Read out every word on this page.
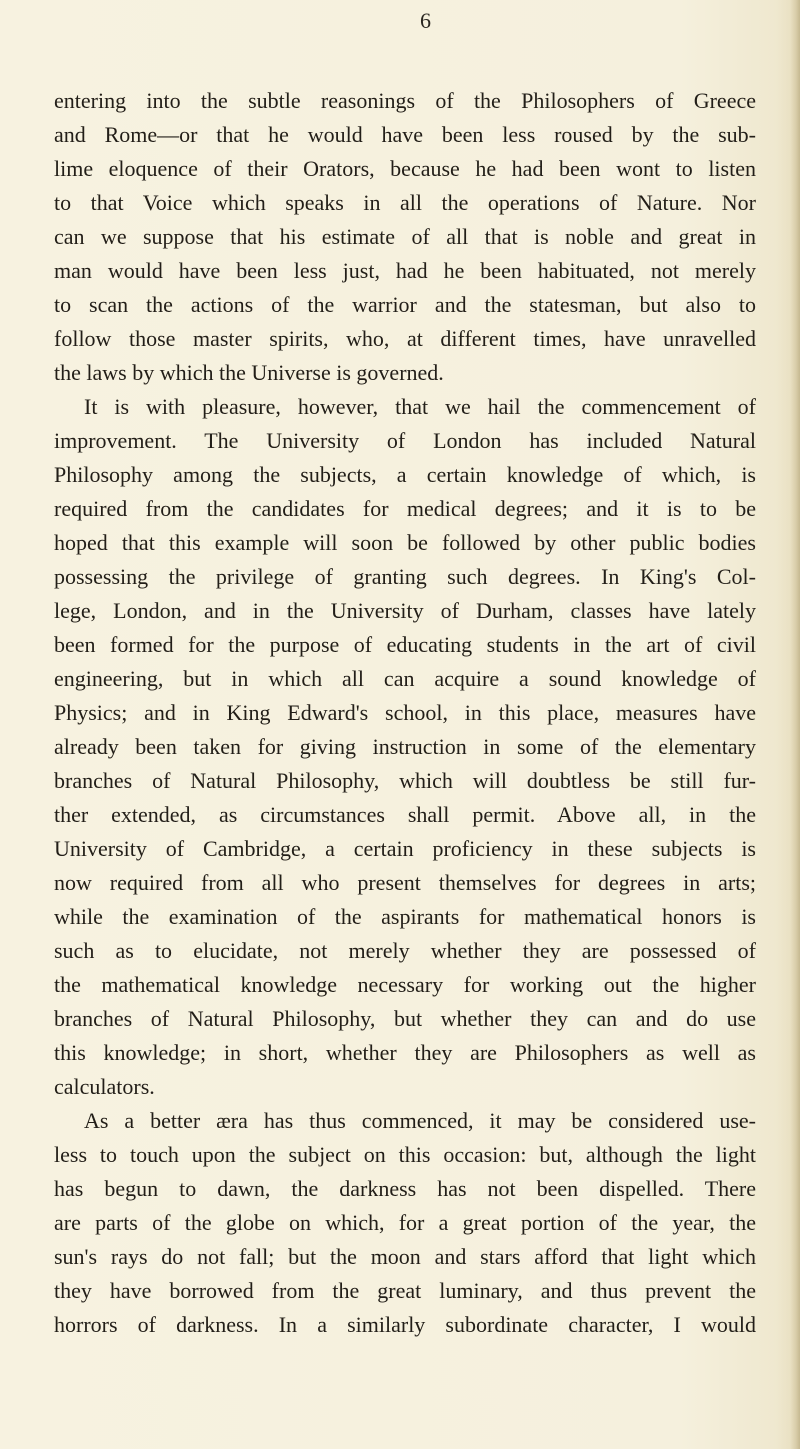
6
entering into the subtle reasonings of the Philosophers of Greece
and Rome—or that he would have been less roused by the sub-
lime eloquence of their Orators, because he had been wont to listen
to that Voice which speaks in all the operations of Nature. Nor
can we suppose that his estimate of all that is noble and great in
man would have been less just, had he been habituated, not merely
to scan the actions of the warrior and the statesman, but also to
follow those master spirits, who, at different times, have unravelled
the laws by which the Universe is governed.
It is with pleasure, however, that we hail the commencement of
improvement. The University of London has included Natural
Philosophy among the subjects, a certain knowledge of which, is
required from the candidates for medical degrees; and it is to be
hoped that this example will soon be followed by other public bodies
possessing the privilege of granting such degrees. In King's Col-
lege, London, and in the University of Durham, classes have lately
been formed for the purpose of educating students in the art of civil
engineering, but in which all can acquire a sound knowledge of
Physics; and in King Edward's school, in this place, measures have
already been taken for giving instruction in some of the elementary
branches of Natural Philosophy, which will doubtless be still fur-
ther extended, as circumstances shall permit. Above all, in the
University of Cambridge, a certain proficiency in these subjects is
now required from all who present themselves for degrees in arts;
while the examination of the aspirants for mathematical honors is
such as to elucidate, not merely whether they are possessed of
the mathematical knowledge necessary for working out the higher
branches of Natural Philosophy, but whether they can and do use
this knowledge; in short, whether they are Philosophers as well as
calculators.
As a better æra has thus commenced, it may be considered use-
less to touch upon the subject on this occasion: but, although the light
has begun to dawn, the darkness has not been dispelled. There
are parts of the globe on which, for a great portion of the year, the
sun's rays do not fall; but the moon and stars afford that light which
they have borrowed from the great luminary, and thus prevent the
horrors of darkness. In a similarly subordinate character, I would
